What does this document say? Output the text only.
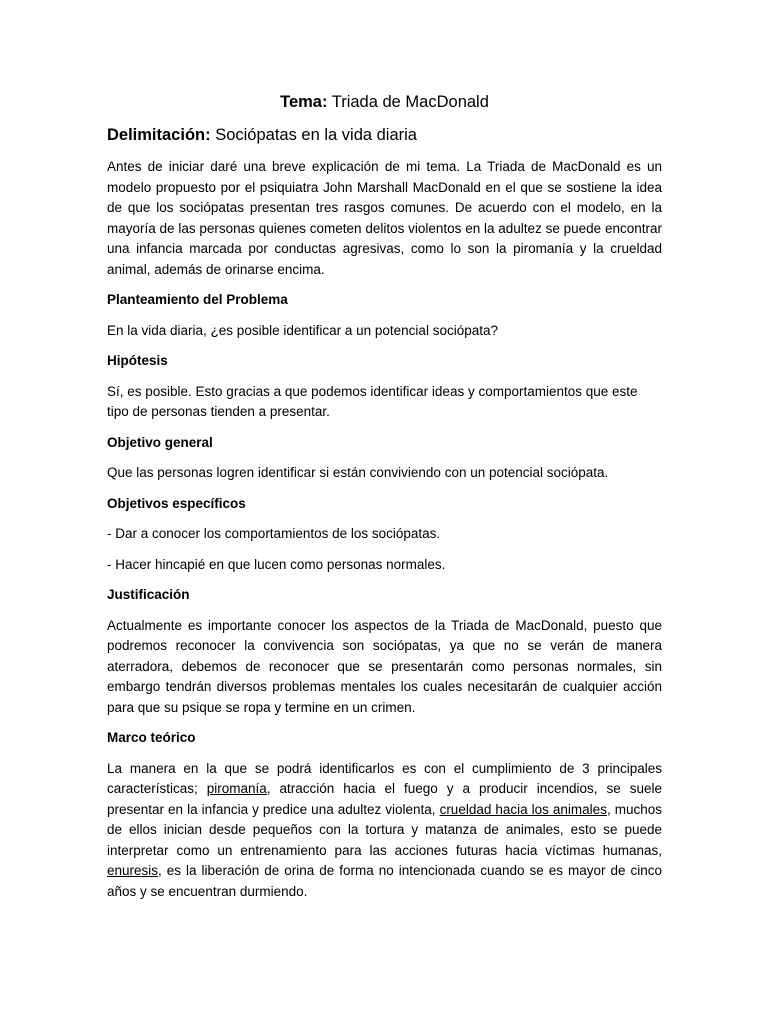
Tema: Triada de MacDonald
Delimitación: Sociópatas en la vida diaria

Antes de iniciar daré una breve explicación de mi tema. La Triada de MacDonald es un modelo propuesto por el psiquiatra John Marshall MacDonald en el que se sostiene la idea de que los sociópatas presentan tres rasgos comunes. De acuerdo con el modelo, en la mayoría de las personas quienes cometen delitos violentos en la adultez se puede encontrar una infancia marcada por conductas agresivas, como lo son la piromanía y la crueldad animal, además de orinarse encima.

Planteamiento del Problema

En la vida diaria, ¿es posible identificar a un potencial sociópata?

Hipótesis

Sí, es posible. Esto gracias a que podemos identificar ideas y comportamientos que este tipo de personas tienden a presentar.

Objetivo general

Que las personas logren identificar si están conviviendo con un potencial sociópata.

Objetivos específicos

- Dar a conocer los comportamientos de los sociópatas.

- Hacer hincapié en que lucen como personas normales.

Justificación

Actualmente es importante conocer los aspectos de la Triada de MacDonald, puesto que podremos reconocer la convivencia son sociópatas, ya que no se verán de manera aterradora, debemos de reconocer que se presentarán como personas normales, sin embargo tendrán diversos problemas mentales los cuales necesitarán de cualquier acción para que su psique se ropa y termine en un crimen.

Marco teórico

La manera en la que se podrá identificarlos es con el cumplimiento de 3 principales características; piromanía, atracción hacia el fuego y a producir incendios, se suele presentar en la infancia y predice una adultez violenta, crueldad hacia los animales, muchos de ellos inician desde pequeños con la tortura y matanza de animales, esto se puede interpretar como un entrenamiento para las acciones futuras hacia víctimas humanas, enuresis, es la liberación de orina de forma no intencionada cuando se es mayor de cinco años y se encuentran durmiendo.
